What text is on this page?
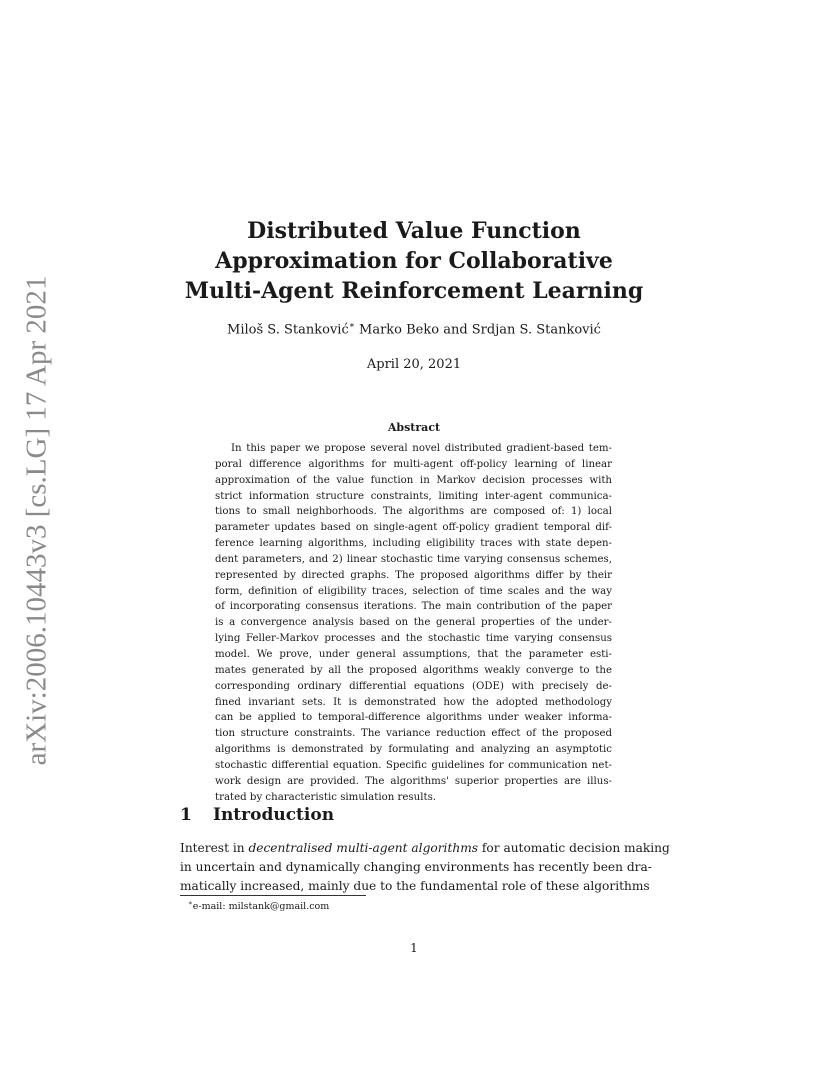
arXiv:2006.10443v3 [cs.LG] 17 Apr 2021
Distributed Value Function
Approximation for Collaborative
Multi-Agent Reinforcement Learning
Miloš S. Stanković∗ Marko Beko and Srdjan S. Stanković
April 20, 2021
Abstract
In this paper we propose several novel distributed gradient-based tem-
poral difference algorithms for multi-agent off-policy learning of linear
approximation of the value function in Markov decision processes with
strict information structure constraints, limiting inter-agent communica-
tions to small neighborhoods. The algorithms are composed of: 1) local
parameter updates based on single-agent off-policy gradient temporal dif-
ference learning algorithms, including eligibility traces with state depen-
dent parameters, and 2) linear stochastic time varying consensus schemes,
represented by directed graphs. The proposed algorithms differ by their
form, definition of eligibility traces, selection of time scales and the way
of incorporating consensus iterations. The main contribution of the paper
is a convergence analysis based on the general properties of the under-
lying Feller-Markov processes and the stochastic time varying consensus
model. We prove, under general assumptions, that the parameter esti-
mates generated by all the proposed algorithms weakly converge to the
corresponding ordinary differential equations (ODE) with precisely de-
fined invariant sets. It is demonstrated how the adopted methodology
can be applied to temporal-difference algorithms under weaker informa-
tion structure constraints. The variance reduction effect of the proposed
algorithms is demonstrated by formulating and analyzing an asymptotic
stochastic differential equation. Specific guidelines for communication net-
work design are provided. The algorithms' superior properties are illus-
trated by characteristic simulation results.
1 Introduction
Interest in decentralised multi-agent algorithms for automatic decision making
in uncertain and dynamically changing environments has recently been dra-
matically increased, mainly due to the fundamental role of these algorithms
∗e-mail: milstank@gmail.com
1
